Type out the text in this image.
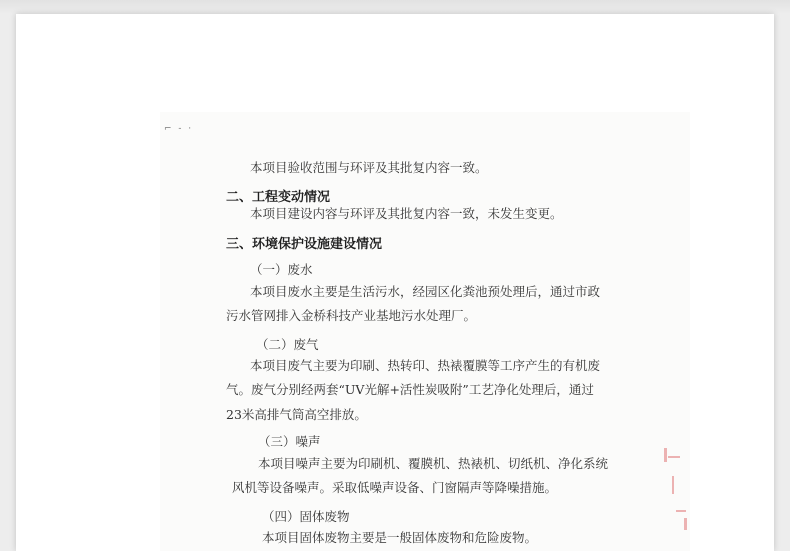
⌐ ‐ ·
本项目验收范围与环评及其批复内容一致。
二、工程变动情况
本项目建设内容与环评及其批复内容一致，未发生变更。
三、环境保护设施建设情况
（一）废水
本项目废水主要是生活污水，经园区化粪池预处理后，通过市政
污水管网排入金桥科技产业基地污水处理厂。
（二）废气
本项目废气主要为印刷、热转印、热裱覆膜等工序产生的有机废
气。废气分别经两套“UV光解+活性炭吸附”工艺净化处理后，通过
23米高排气筒高空排放。
（三）噪声
本项目噪声主要为印刷机、覆膜机、热裱机、切纸机、净化系统
风机等设备噪声。采取低噪声设备、门窗隔声等降噪措施。
（四）固体废物
本项目固体废物主要是一般固体废物和危险废物。
